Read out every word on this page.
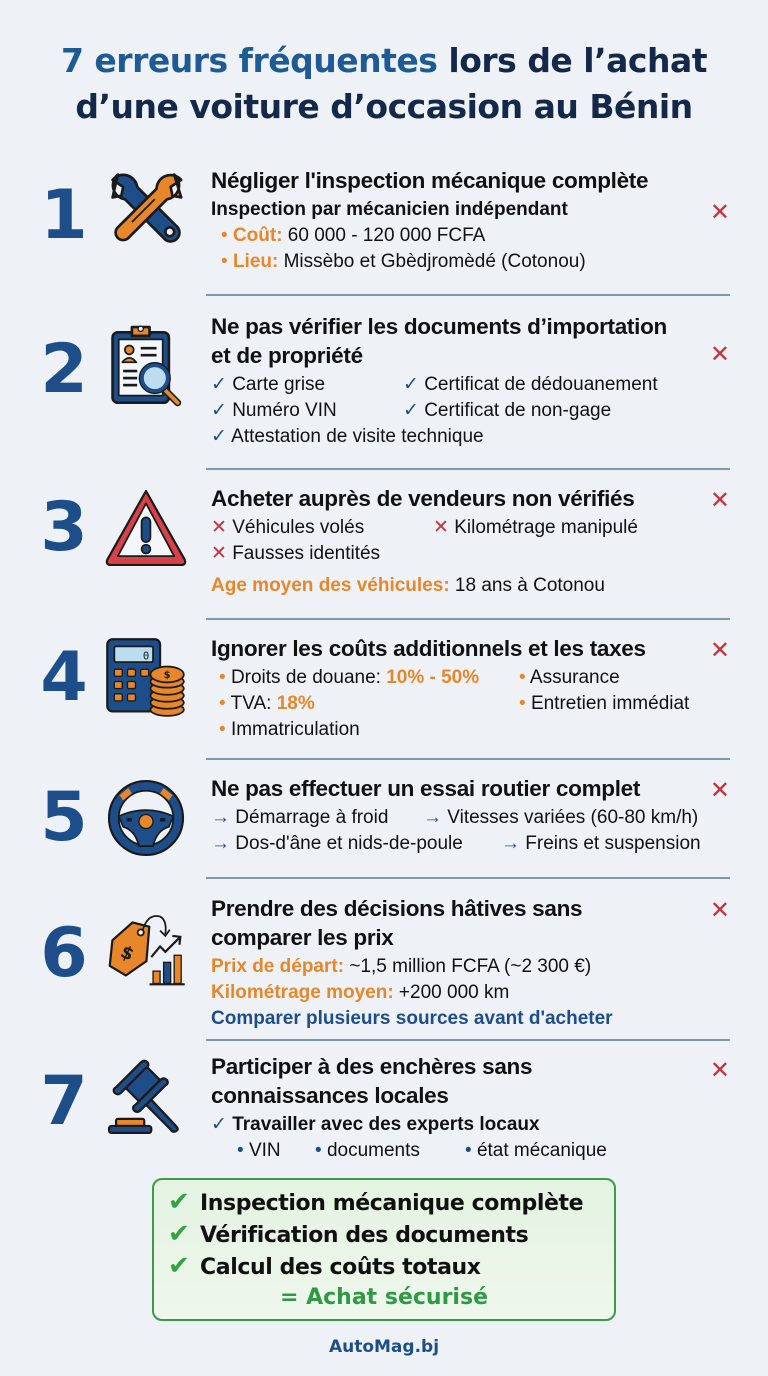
7 erreurs fréquentes lors de l’achat
d’une voiture d’occasion au Bénin
1	Négliger l'inspection mécanique complète
Inspection par mécanicien indépendant
• Coût: 60 000 - 120 000 FCFA
• Lieu: Missèbo et Gbèdjromèdé (Cotonou)
✕
2
Ne pas vérifier les documents d’importation
et de propriété
✓ Carte grise	✓ Certificat de dédouanement
✓ Numéro VIN	✓ Certificat de non-gage
✓ Attestation de visite technique
✕
3	Acheter auprès de vendeurs non vérifiés
✕ Véhicules volés	✕ Kilométrage manipulé
✕ Fausses identités
Age moyen des véhicules: 18 ans à Cotonou
✕
4	0
$
Ignorer les coûts additionnels et les taxes
• Droits de douane: 10% - 50% • Assurance
• TVA: 18%	• Entretien immédiat
• Immatriculation
✕
5	Ne pas effectuer un essai routier complet
→ Démarrage à froid → Vitesses variées (60-80 km/h)
→ Dos-d'âne et nids-de-poule → Freins et suspension
✕
6	$
Prendre des décisions hâtives sans
comparer les prix
Prix de départ: ~1,5 million FCFA (~2 300 €)
Kilométrage moyen: +200 000 km
Comparer plusieurs sources avant d'acheter
✕
7	Participer à des enchères sans
connaissances locales
✓ Travailler avec des experts locaux
• VIN • documents • état mécanique
✕
✔ Inspection mécanique complète
✔ Vérification des documents
✔ Calcul des coûts totaux
= Achat sécurisé
AutoMag.bj
